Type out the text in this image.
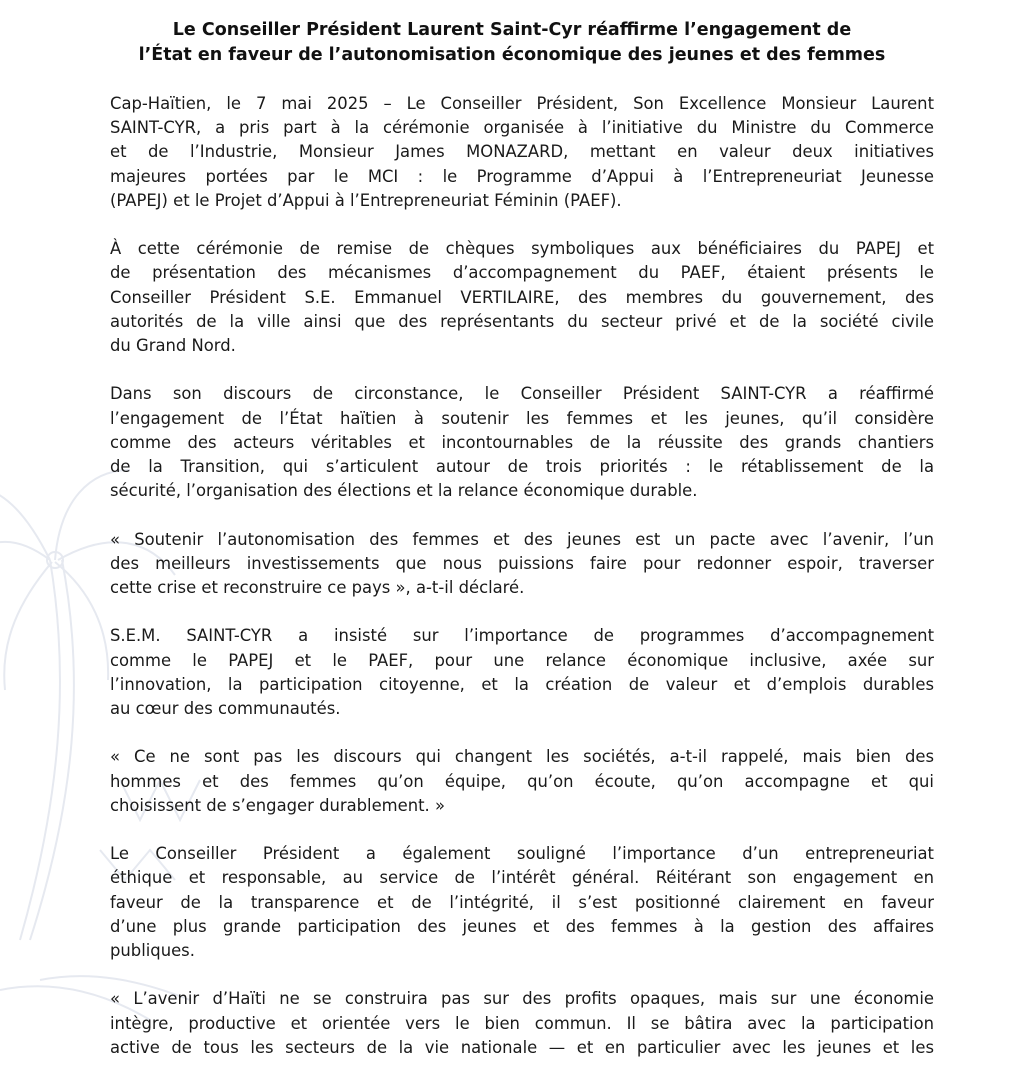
Le Conseiller Président Laurent Saint-Cyr réaffirme l’engagement de
l’État en faveur de l’autonomisation économique des jeunes et des femmes

Cap-Haïtien, le 7 mai 2025 – Le Conseiller Président, Son Excellence Monsieur Laurent
SAINT-CYR, a pris part à la cérémonie organisée à l’initiative du Ministre du Commerce
et de l’Industrie, Monsieur James MONAZARD, mettant en valeur deux initiatives
majeures portées par le MCI : le Programme d’Appui à l’Entrepreneuriat Jeunesse
(PAPEJ) et le Projet d’Appui à l’Entrepreneuriat Féminin (PAEF).

À cette cérémonie de remise de chèques symboliques aux bénéficiaires du PAPEJ et
de présentation des mécanismes d’accompagnement du PAEF, étaient présents le
Conseiller Président S.E. Emmanuel VERTILAIRE, des membres du gouvernement, des
autorités de la ville ainsi que des représentants du secteur privé et de la société civile
du Grand Nord.

Dans son discours de circonstance, le Conseiller Président SAINT-CYR a réaffirmé
l’engagement de l’État haïtien à soutenir les femmes et les jeunes, qu’il considère
comme des acteurs véritables et incontournables de la réussite des grands chantiers
de la Transition, qui s’articulent autour de trois priorités : le rétablissement de la
sécurité, l’organisation des élections et la relance économique durable.

« Soutenir l’autonomisation des femmes et des jeunes est un pacte avec l’avenir, l’un
des meilleurs investissements que nous puissions faire pour redonner espoir, traverser
cette crise et reconstruire ce pays », a-t-il déclaré.

S.E.M. SAINT-CYR a insisté sur l’importance de programmes d’accompagnement
comme le PAPEJ et le PAEF, pour une relance économique inclusive, axée sur
l’innovation, la participation citoyenne, et la création de valeur et d’emplois durables
au cœur des communautés.

« Ce ne sont pas les discours qui changent les sociétés, a-t-il rappelé, mais bien des
hommes et des femmes qu’on équipe, qu’on écoute, qu’on accompagne et qui
choisissent de s’engager durablement. »

Le Conseiller Président a également souligné l’importance d’un entrepreneuriat
éthique et responsable, au service de l’intérêt général. Réitérant son engagement en
faveur de la transparence et de l’intégrité, il s’est positionné clairement en faveur
d’une plus grande participation des jeunes et des femmes à la gestion des affaires
publiques.

« L’avenir d’Haïti ne se construira pas sur des profits opaques, mais sur une économie
intègre, productive et orientée vers le bien commun. Il se bâtira avec la participation
active de tous les secteurs de la vie nationale — et en particulier avec les jeunes et les
